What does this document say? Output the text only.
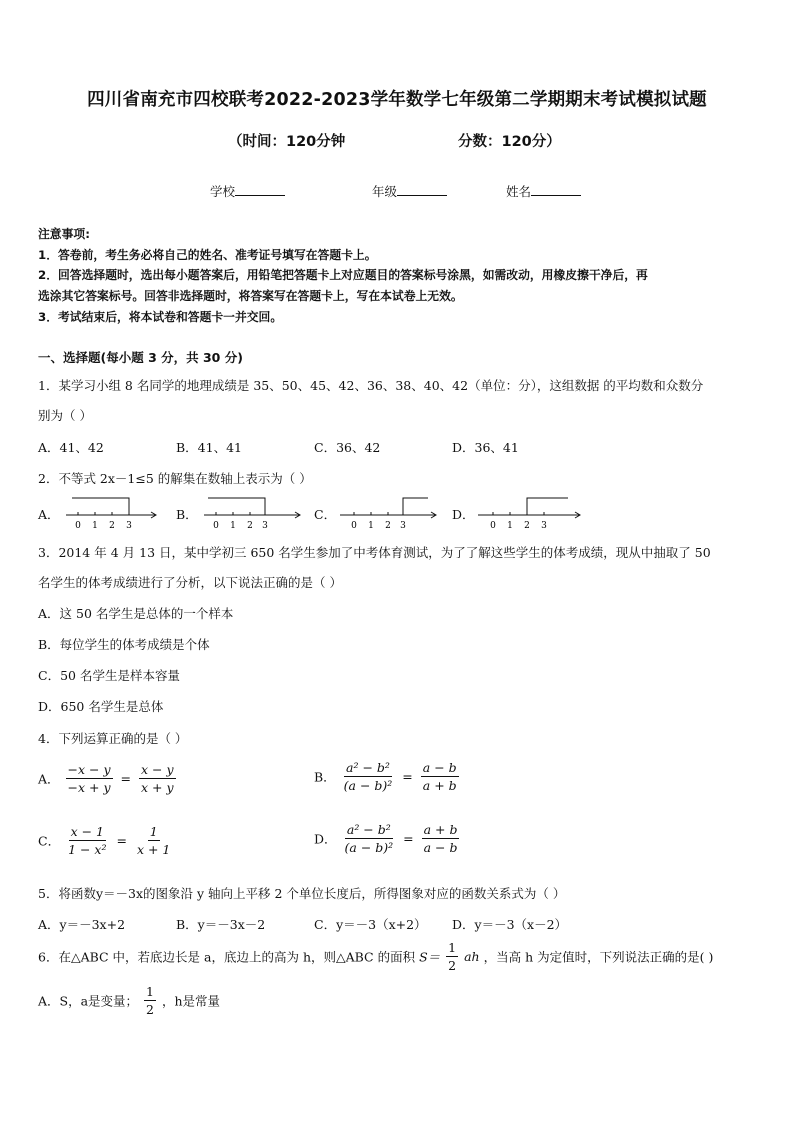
四川省南充市四校联考2022-2023学年数学七年级第二学期期末考试模拟试题
（时间：120分钟	分数：120分）
学校	年级	姓名
注意事项:
1．答卷前，考生务必将自己的姓名、准考证号填写在答题卡上。
2．回答选择题时，选出每小题答案后，用铅笔把答题卡上对应题目的答案标号涂黑，如需改动，用橡皮擦干净后，再
选涂其它答案标号。回答非选择题时，将答案写在答题卡上，写在本试卷上无效。
3．考试结束后，将本试卷和答题卡一并交回。
一、选择题(每小题 3 分，共 30 分)
1．某学习小组 8 名同学的地理成绩是 35、50、45、42、36、38、40、42（单位：分），这组数据 的平均数和众数分
别为（ ）
A．41、42	B．41、41	C．36、42	D．36、41
2．不等式 2x－1≤5 的解集在数轴上表示为（ ）
A．
0 1 2 3
B．
0 1 2 3
C．
0 1 2 3
D．
0 1 2 3
3．2014 年 4 月 13 日，某中学初三 650 名学生参加了中考体育测试，为了了解这些学生的体考成绩，现从中抽取了 50
名学生的体考成绩进行了分析，以下说法正确的是（ ）
A．这 50 名学生是总体的一个样本
B．每位学生的体考成绩是个体
C．50 名学生是样本容量
D．650 名学生是总体
4．下列运算正确的是（ ）
A． $\frac{-x - y}{-x + y} = \frac{x - y}{x + y}$	B． $\frac{\text{a² − b²}}{\text{(a − b)²}} = \frac{a - b}{a + b}$
C． $\frac{x - 1}{\text{1 − x²}} = \frac{1}{x + 1}$	D． $\frac{\text{a² − b²}}{\text{(a − b)²}} = \frac{a + b}{a - b}$
5．将函数y＝－3x的图象沿 y 轴向上平移 2 个单位长度后，所得图象对应的函数关系式为（ ）
A．y＝－3x+2	B．y＝－3x－2	C．y＝－3（x+2） D．y＝－3（x－2）
6．在△ABC 中，若底边长是 a，底边上的高为 h，则△ABC 的面积 $S= \frac{1}{2}$ ah ，当高 h 为定值时，下列说法正确的是( )
A．S，a是变量； $\frac{1}{2}$ ，h是常量
